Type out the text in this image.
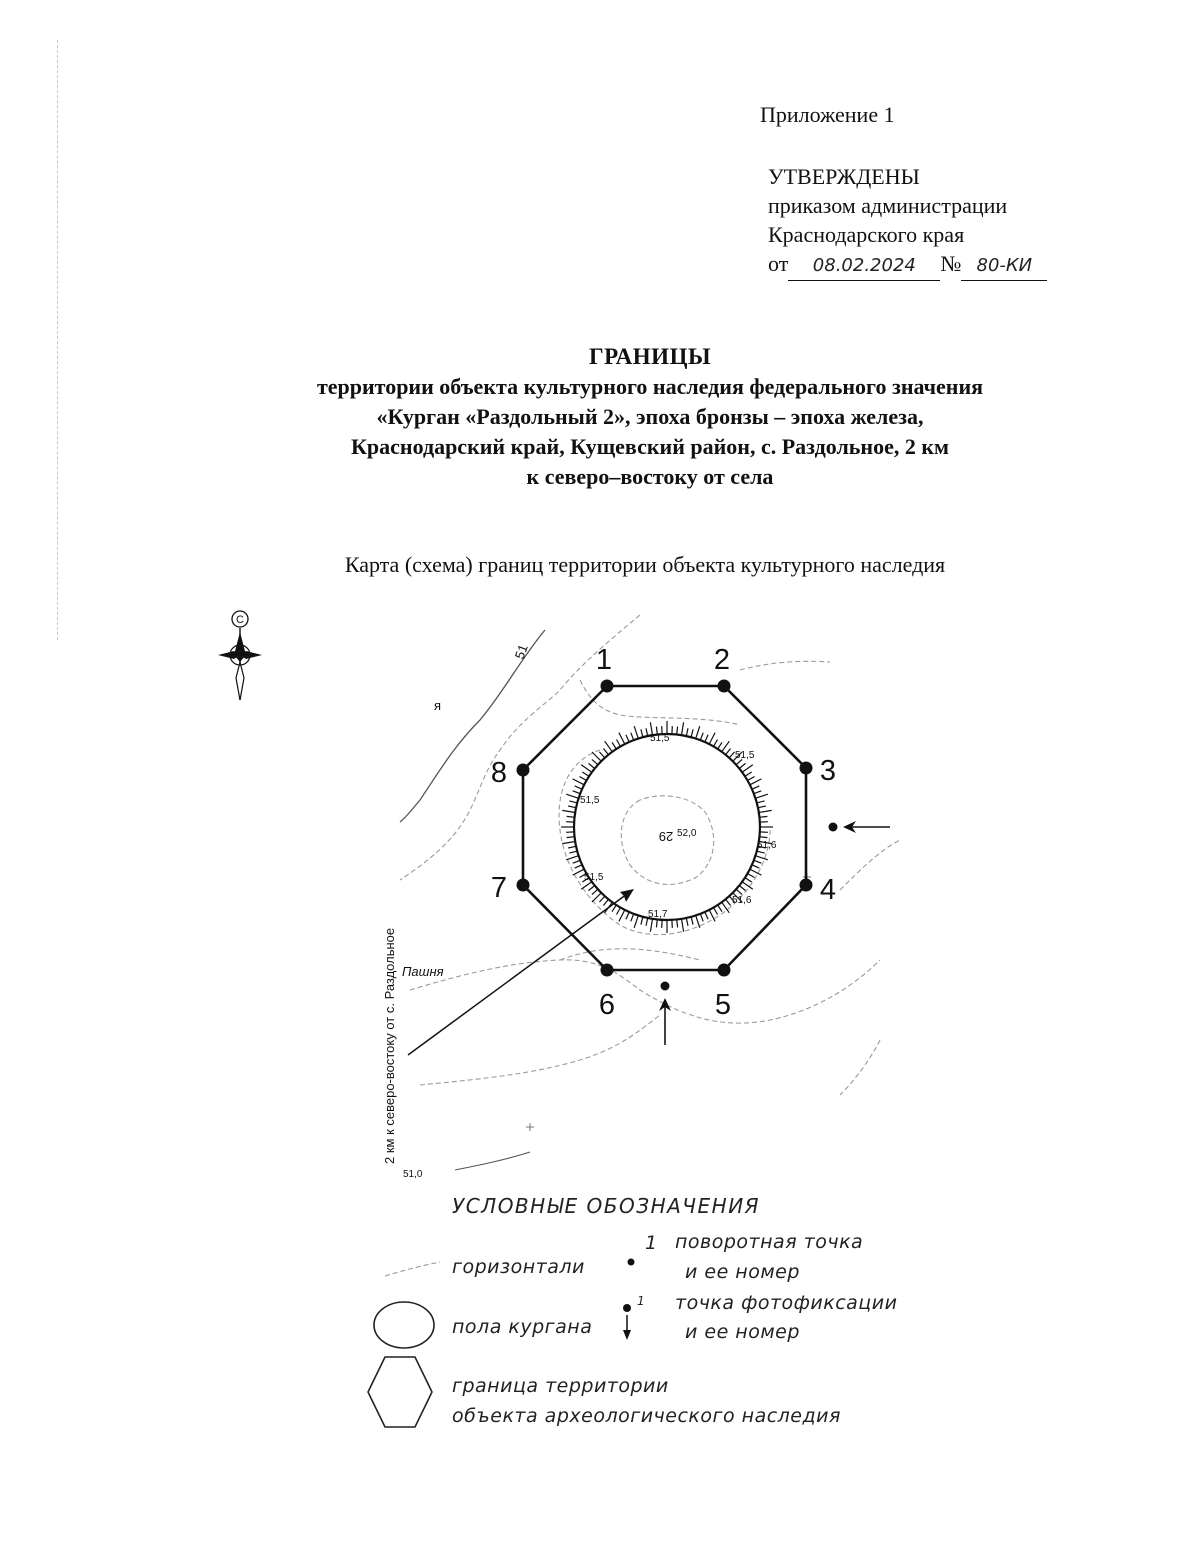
Приложение 1
УТВЕРЖДЕНЫ
приказом администрации
Краснодарского края
от 08.02.2024 № 80-КИ
ГРАНИЦЫ
территории объекта культурного наследия федерального значения
«Курган «Раздольный 2», эпоха бронзы – эпоха железа,
Краснодарский край, Кущевский район, с. Раздольное, 2 км
к северо–востоку от села
Карта (схема) границ территории объекта культурного наследия
С
51,5
51,5
51,5
51,6
51,5
51,7
51,6
52,0
29
51
51,0
я
Пашня
1	2
3
4
5
6
7
8
2 км к северо-востоку от с. Раздольное
УСЛОВНЫЕ ОБОЗНАЧЕНИЯ
горизонтали
1 поворотная точка
и ее номер
пола кургана
1 точка фотофиксации
и ее номер
граница территории
объекта археологического наследия
